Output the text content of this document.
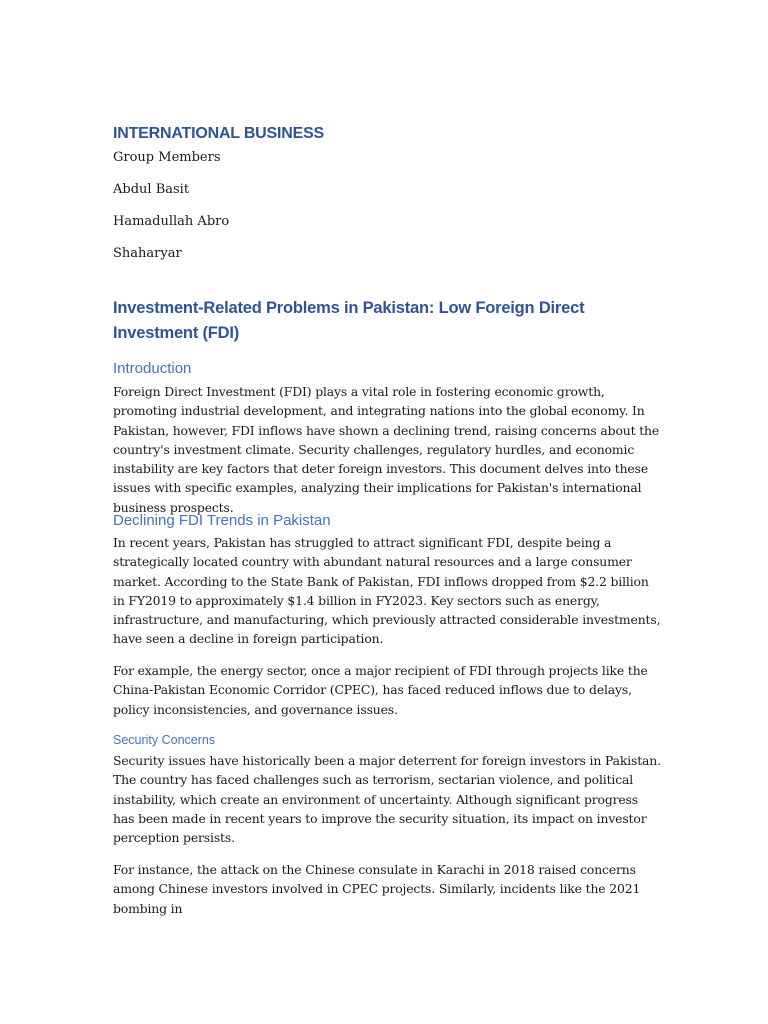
INTERNATIONAL BUSINESS
Group Members
Abdul Basit
Hamadullah Abro
Shaharyar
Investment-Related Problems in Pakistan: Low Foreign Direct Investment (FDI)
Introduction
Foreign Direct Investment (FDI) plays a vital role in fostering economic growth, promoting industrial development, and integrating nations into the global economy. In Pakistan, however, FDI inflows have shown a declining trend, raising concerns about the country's investment climate. Security challenges, regulatory hurdles, and economic instability are key factors that deter foreign investors. This document delves into these issues with specific examples, analyzing their implications for Pakistan's international business prospects.
Declining FDI Trends in Pakistan
In recent years, Pakistan has struggled to attract significant FDI, despite being a strategically located country with abundant natural resources and a large consumer market. According to the State Bank of Pakistan, FDI inflows dropped from $2.2 billion in FY2019 to approximately $1.4 billion in FY2023. Key sectors such as energy, infrastructure, and manufacturing, which previously attracted considerable investments, have seen a decline in foreign participation.
For example, the energy sector, once a major recipient of FDI through projects like the China-Pakistan Economic Corridor (CPEC), has faced reduced inflows due to delays, policy inconsistencies, and governance issues.
Security Concerns
Security issues have historically been a major deterrent for foreign investors in Pakistan. The country has faced challenges such as terrorism, sectarian violence, and political instability, which create an environment of uncertainty. Although significant progress has been made in recent years to improve the security situation, its impact on investor perception persists.
For instance, the attack on the Chinese consulate in Karachi in 2018 raised concerns among Chinese investors involved in CPEC projects. Similarly, incidents like the 2021 bombing in
